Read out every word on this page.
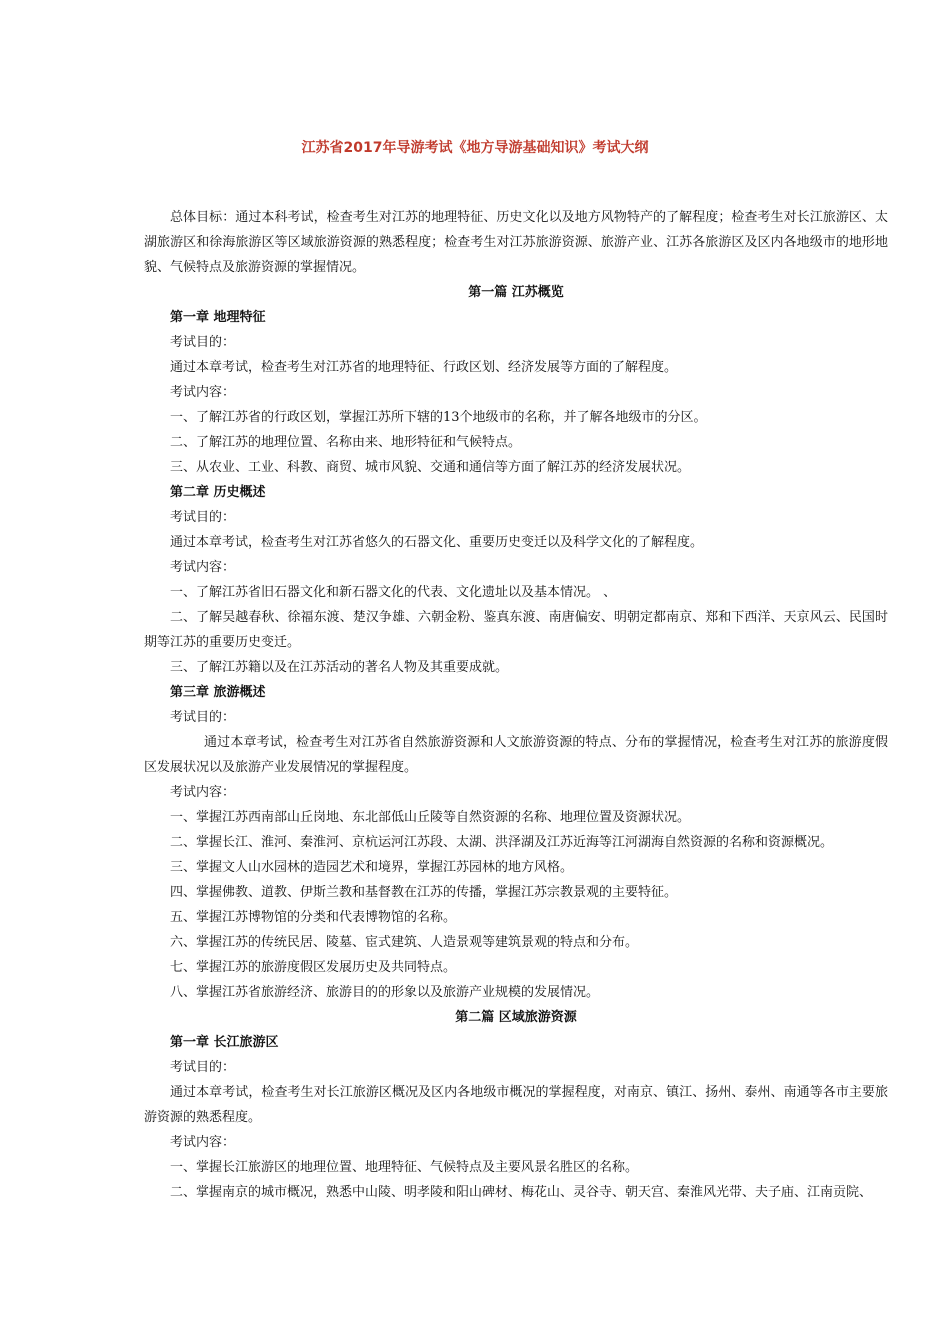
江苏省2017年导游考试《地方导游基础知识》考试大纲

总体目标：通过本科考试，检查考生对江苏的地理特征、历史文化以及地方风物特产的了解程度；检查考生对长江旅游区、太湖旅游区和徐海旅游区等区域旅游资源的熟悉程度；检查考生对江苏旅游资源、旅游产业、江苏各旅游区及区内各地级市的地形地貌、气候特点及旅游资源的掌握情况。

第一篇 江苏概览

第一章 地理特征

考试目的：

通过本章考试，检查考生对江苏省的地理特征、行政区划、经济发展等方面的了解程度。

考试内容：

一、了解江苏省的行政区划，掌握江苏所下辖的13个地级市的名称，并了解各地级市的分区。

二、了解江苏的地理位置、名称由来、地形特征和气候特点。

三、从农业、工业、科教、商贸、城市风貌、交通和通信等方面了解江苏的经济发展状况。

第二章 历史概述

考试目的：

通过本章考试，检查考生对江苏省悠久的石器文化、重要历史变迁以及科学文化的了解程度。

考试内容：

一、了解江苏省旧石器文化和新石器文化的代表、文化遗址以及基本情况。 、

二、了解吴越春秋、徐福东渡、楚汉争雄、六朝金粉、鉴真东渡、南唐偏安、明朝定都南京、郑和下西洋、天京风云、民国时期等江苏的重要历史变迁。

三、了解江苏籍以及在江苏活动的著名人物及其重要成就。

第三章 旅游概述

考试目的：

通过本章考试，检查考生对江苏省自然旅游资源和人文旅游资源的特点、分布的掌握情况，检查考生对江苏的旅游度假区发展状况以及旅游产业发展情况的掌握程度。

考试内容：

一、掌握江苏西南部山丘岗地、东北部低山丘陵等自然资源的名称、地理位置及资源状况。

二、掌握长江、淮河、秦淮河、京杭运河江苏段、太湖、洪泽湖及江苏近海等江河湖海自然资源的名称和资源概况。

三、掌握文人山水园林的造园艺术和境界，掌握江苏园林的地方风格。

四、掌握佛教、道教、伊斯兰教和基督教在江苏的传播，掌握江苏宗教景观的主要特征。

五、掌握江苏博物馆的分类和代表博物馆的名称。

六、掌握江苏的传统民居、陵墓、宦式建筑、人造景观等建筑景观的特点和分布。

七、掌握江苏的旅游度假区发展历史及共同特点。

八、掌握江苏省旅游经济、旅游目的的形象以及旅游产业规模的发展情况。

第二篇 区域旅游资源

第一章 长江旅游区

考试目的：

通过本章考试，检查考生对长江旅游区概况及区内各地级市概况的掌握程度，对南京、镇江、扬州、泰州、南通等各市主要旅游资源的熟悉程度。

考试内容：

一、掌握长江旅游区的地理位置、地理特征、气候特点及主要风景名胜区的名称。

二、掌握南京的城市概况，熟悉中山陵、明孝陵和阳山碑材、梅花山、灵谷寺、朝天宫、秦淮风光带、夫子庙、江南贡院、
